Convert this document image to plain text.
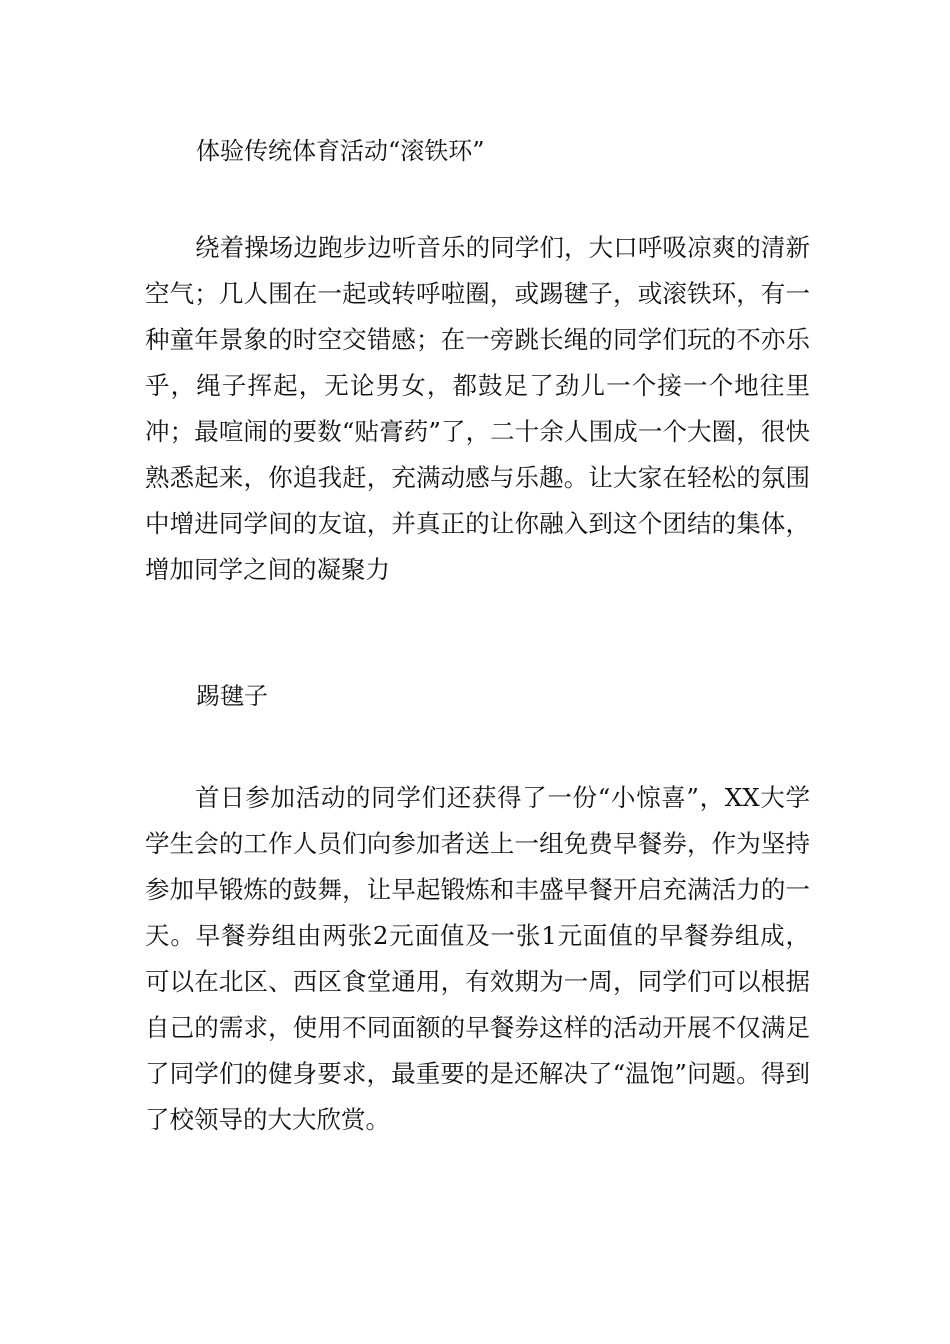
体验传统体育活动“滚铁环”

绕着操场边跑步边听音乐的同学们，大口呼吸凉爽的清新空气；几人围在一起或转呼啦圈，或踢毽子，或滚铁环，有一种童年景象的时空交错感；在一旁跳长绳的同学们玩的不亦乐乎，绳子挥起，无论男女，都鼓足了劲儿一个接一个地往里冲；最喧闹的要数“贴膏药”了，二十余人围成一个大圈，很快熟悉起来，你追我赶，充满动感与乐趣。让大家在轻松的氛围中增进同学间的友谊，并真正的让你融入到这个团结的集体，增加同学之间的凝聚力

踢毽子

首日参加活动的同学们还获得了一份“小惊喜”，XX大学学生会的工作人员们向参加者送上一组免费早餐券，作为坚持参加早锻炼的鼓舞，让早起锻炼和丰盛早餐开启充满活力的一天。早餐券组由两张2元面值及一张1元面值的早餐券组成，可以在北区、西区食堂通用，有效期为一周，同学们可以根据自己的需求，使用不同面额的早餐券这样的活动开展不仅满足了同学们的健身要求，最重要的是还解决了“温饱”问题。得到了校领导的大大欣赏。
